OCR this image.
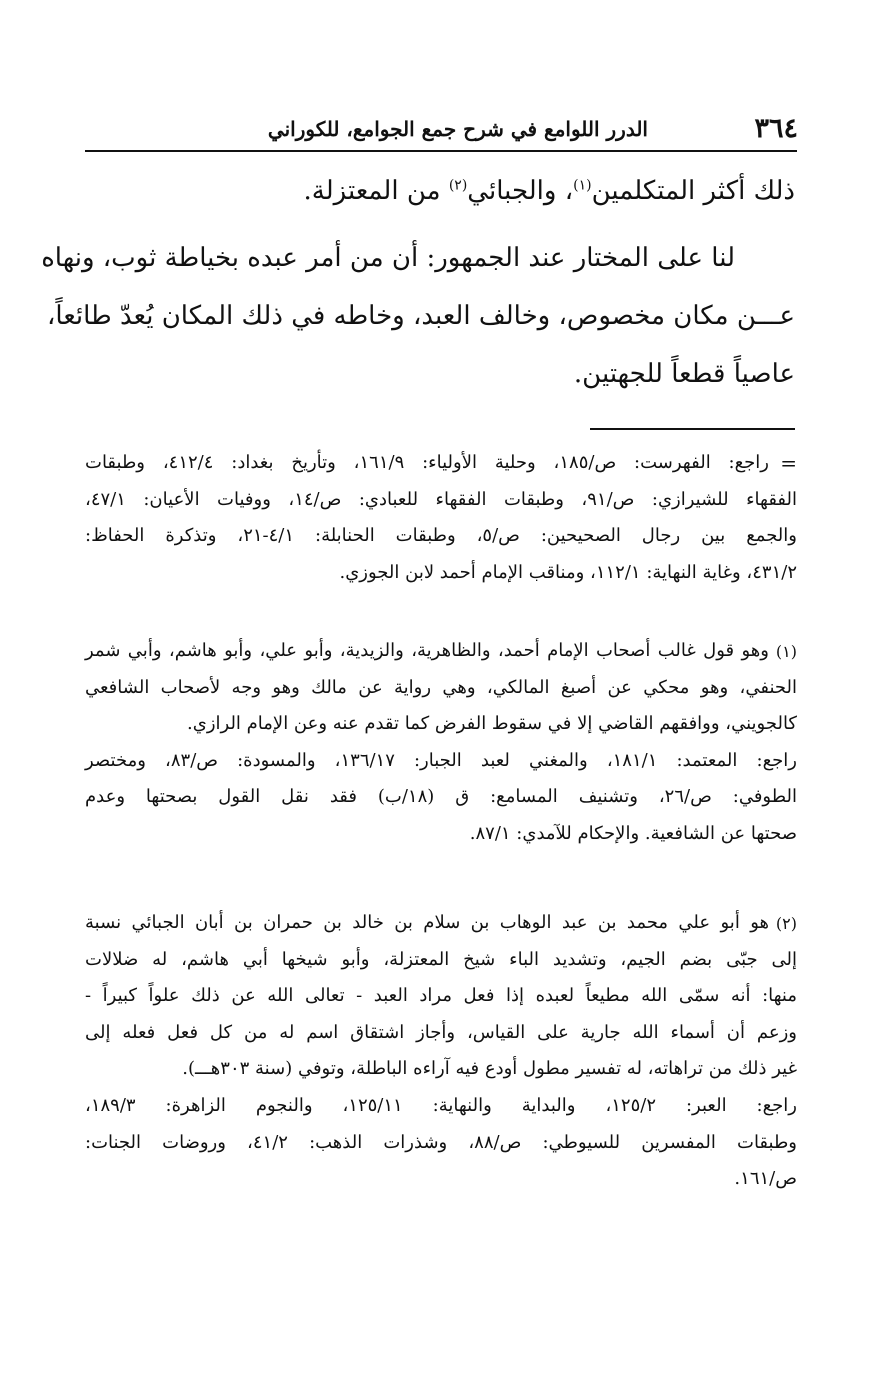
٣٦٤
الدرر اللوامع في شرح جمع الجوامع، للكوراني
ذلك أكثر المتكلمين$^{(١)}$، والجبائي$^{(٢)}$ من المعتزلة.
لنا على المختار عند الجمهور: أن من أمر عبده بخياطة ثوب، ونهاه
عـــن مكان مخصوص، وخالف العبد، وخاطه في ذلك المكان يُعدّ طائعاً،
عاصياً قطعاً للجهتين.
=
راجع: الفهرست: ص/١٨٥، وحلية الأولياء: ١٦١/٩، وتأريخ بغداد: ٤١٢/٤، وطبقات
الفقهاء للشيرازي: ص/٩١، وطبقات الفقهاء للعبادي: ص/١٤، ووفيات الأعيان: ٤٧/١،
والجمع بين رجال الصحيحين: ص/٥، وطبقات الحنابلة: ٤/١-٢١، وتذكرة الحفاظ:
٤٣١/٢، وغاية النهاية: ١١٢/١، ومناقب الإمام أحمد لابن الجوزي.
(١)
وهو قول غالب أصحاب الإمام أحمد، والظاهرية، والزيدية، وأبو علي، وأبو هاشم، وأبي شمر
الحنفي، وهو محكي عن أصبغ المالكي، وهي رواية عن مالك وهو وجه لأصحاب الشافعي
كالجويني، ووافقهم القاضي إلا في سقوط الفرض كما تقدم عنه وعن الإمام الرازي.
راجع: المعتمد: ١٨١/١، والمغني لعبد الجبار: ١٣٦/١٧، والمسودة: ص/٨٣، ومختصر
الطوفي: ص/٢٦، وتشنيف المسامع: ق (١٨/ب) فقد نقل القول بصحتها وعدم
صحتها عن الشافعية. والإحكام للآمدي: ٨٧/١.
(٢)
هو أبو علي محمد بن عبد الوهاب بن سلام بن خالد بن حمران بن أبان الجبائي نسبة
إلى جبّى بضم الجيم، وتشديد الباء شيخ المعتزلة، وأبو شيخها أبي هاشم، له ضلالات
منها: أنه سمّى الله مطيعاً لعبده إذا فعل مراد العبد - تعالى الله عن ذلك علواً كبيراً -
وزعم أن أسماء الله جارية على القياس، وأجاز اشتقاق اسم له من كل فعل فعله إلى
غير ذلك من تراهاته، له تفسير مطول أودع فيه آراءه الباطلة، وتوفي (سنة ٣٠٣هـــ).
راجع: العبر: ١٢٥/٢، والبداية والنهاية: ١٢٥/١١، والنجوم الزاهرة: ١٨٩/٣،
وطبقات المفسرين للسيوطي: ص/٨٨، وشذرات الذهب: ٤١/٢، وروضات الجنات:
ص/١٦١.
